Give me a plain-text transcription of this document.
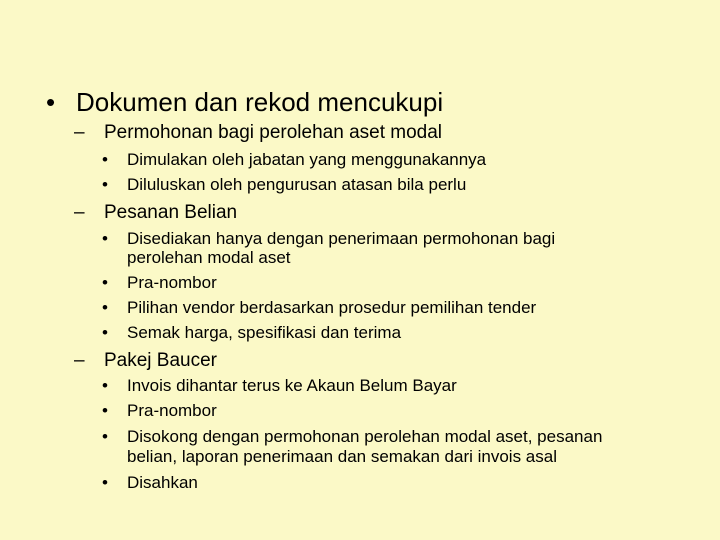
• Dokumen dan rekod mencukupi
– Permohonan bagi perolehan aset modal
• Dimulakan oleh jabatan yang menggunakannya
• Diluluskan oleh pengurusan atasan bila perlu
– Pesanan Belian
• Disediakan hanya dengan penerimaan permohonan bagi
perolehan modal aset
• Pra-nombor
• Pilihan vendor berdasarkan prosedur pemilihan tender
• Semak harga, spesifikasi dan terima
– Pakej Baucer
• Invois dihantar terus ke Akaun Belum Bayar
• Pra-nombor
• Disokong dengan permohonan perolehan modal aset, pesanan
belian, laporan penerimaan dan semakan dari invois asal
• Disahkan
